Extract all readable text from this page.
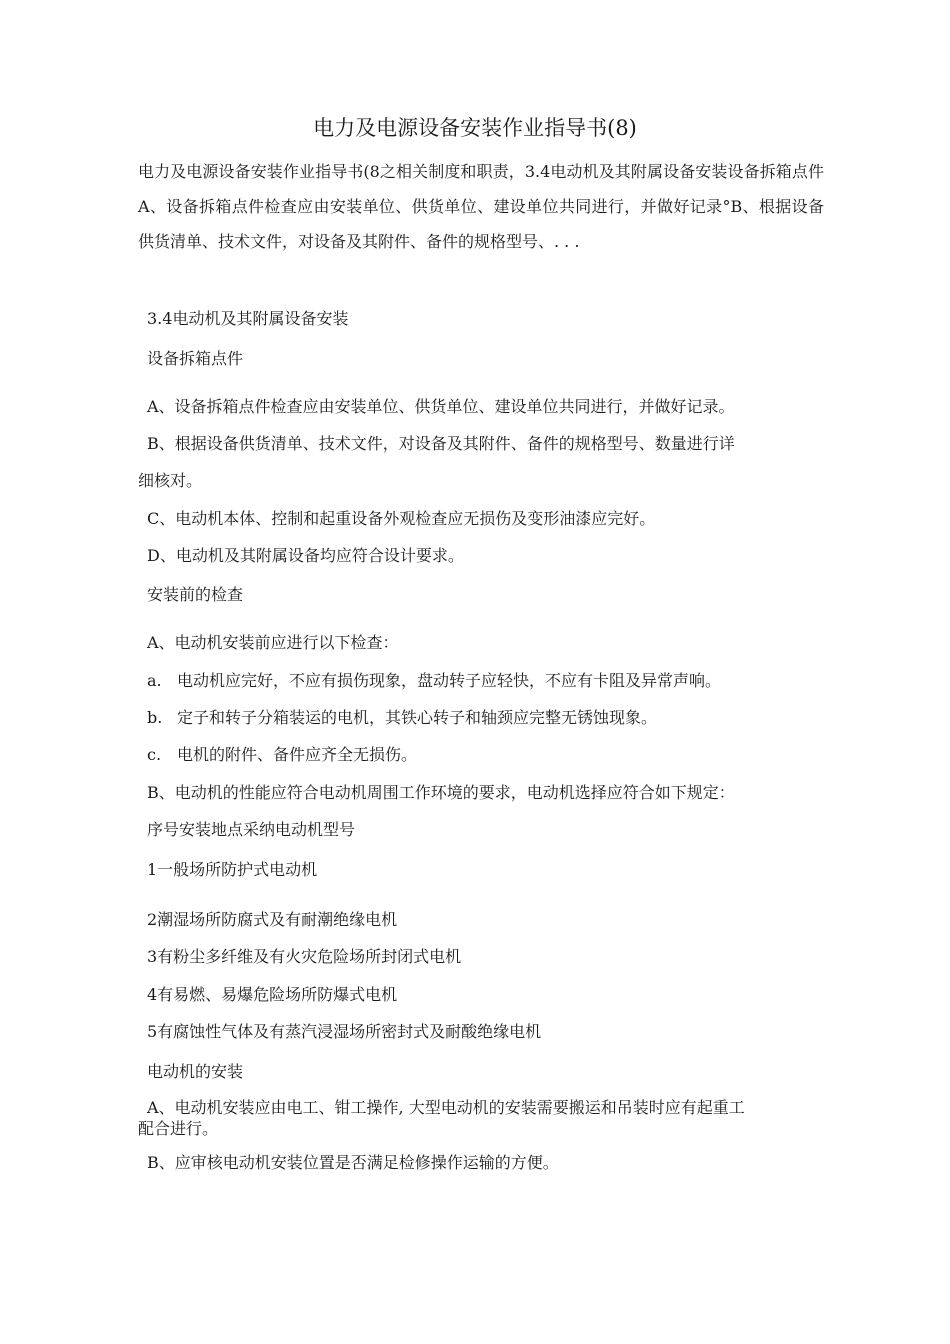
电力及电源设备安装作业指导书(8)
电力及电源设备安装作业指导书(8之相关制度和职责，3.4电动机及其附属设备安装设备拆箱点件A、设备拆箱点件检查应由安装单位、供货单位、建设单位共同进行，并做好记录°B、根据设备供货清单、技术文件，对设备及其附件、备件的规格型号、. . .
3.4电动机及其附属设备安装
设备拆箱点件
A、设备拆箱点件检查应由安装单位、供货单位、建设单位共同进行，并做好记录。
B、根据设备供货清单、技术文件，对设备及其附件、备件的规格型号、数量进行详
细核对。
C、电动机本体、控制和起重设备外观检查应无损伤及变形油漆应完好。
D、电动机及其附属设备均应符合设计要求。
安装前的检查
A、电动机安装前应进行以下检查：
a. 电动机应完好，不应有损伤现象，盘动转子应轻快，不应有卡阻及异常声响。
b. 定子和转子分箱装运的电机，其铁心转子和轴颈应完整无锈蚀现象。
c. 电机的附件、备件应齐全无损伤。
B、电动机的性能应符合电动机周围工作环境的要求，电动机选择应符合如下规定：
序号安装地点采纳电动机型号
1一般场所防护式电动机
2潮湿场所防腐式及有耐潮绝缘电机
3有粉尘多纤维及有火灾危险场所封闭式电机
4有易燃、易爆危险场所防爆式电机
5有腐蚀性气体及有蒸汽浸湿场所密封式及耐酸绝缘电机
电动机的安装
A、电动机安装应由电工、钳工操作, 大型电动机的安装需要搬运和吊装时应有起重工
配合进行。
B、应审核电动机安装位置是否满足检修操作运输的方便。
